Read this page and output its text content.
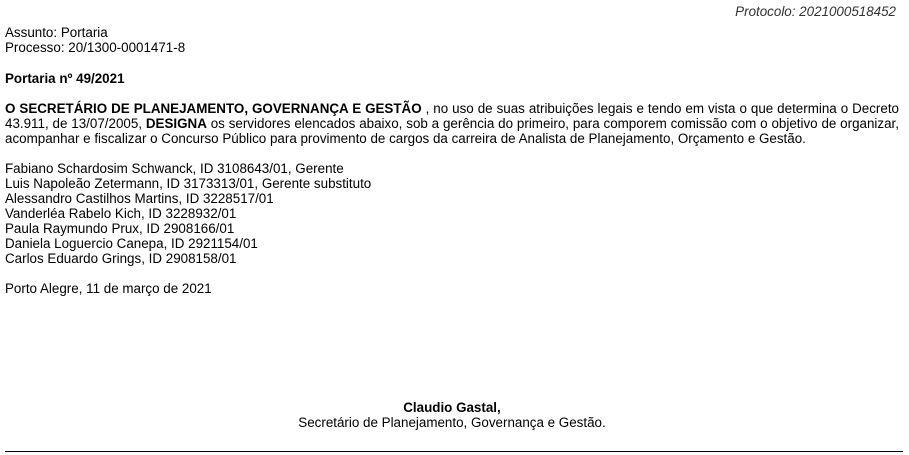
Protocolo: 2021000518452
Assunto: Portaria
Processo: 20/1300-0001471-8
Portaria nº 49/2021
O SECRETÁRIO DE PLANEJAMENTO, GOVERNANÇA E GESTÃO , no uso de suas atribuições legais e tendo em vista o que determina o Decreto 43.911, de 13/07/2005, DESIGNA os servidores elencados abaixo, sob a gerência do primeiro, para comporem comissão com o objetivo de organizar, acompanhar e fiscalizar o Concurso Público para provimento de cargos da carreira de Analista de Planejamento, Orçamento e Gestão.
Fabiano Schardosim Schwanck, ID 3108643/01, Gerente
Luis Napoleão Zetermann, ID 3173313/01, Gerente substituto
Alessandro Castilhos Martins, ID 3228517/01
Vanderléa Rabelo Kich, ID 3228932/01
Paula Raymundo Prux, ID 2908166/01
Daniela Loguercio Canepa, ID 2921154/01
Carlos Eduardo Grings, ID 2908158/01
Porto Alegre, 11 de março de 2021
Claudio Gastal,
Secretário de Planejamento, Governança e Gestão.
